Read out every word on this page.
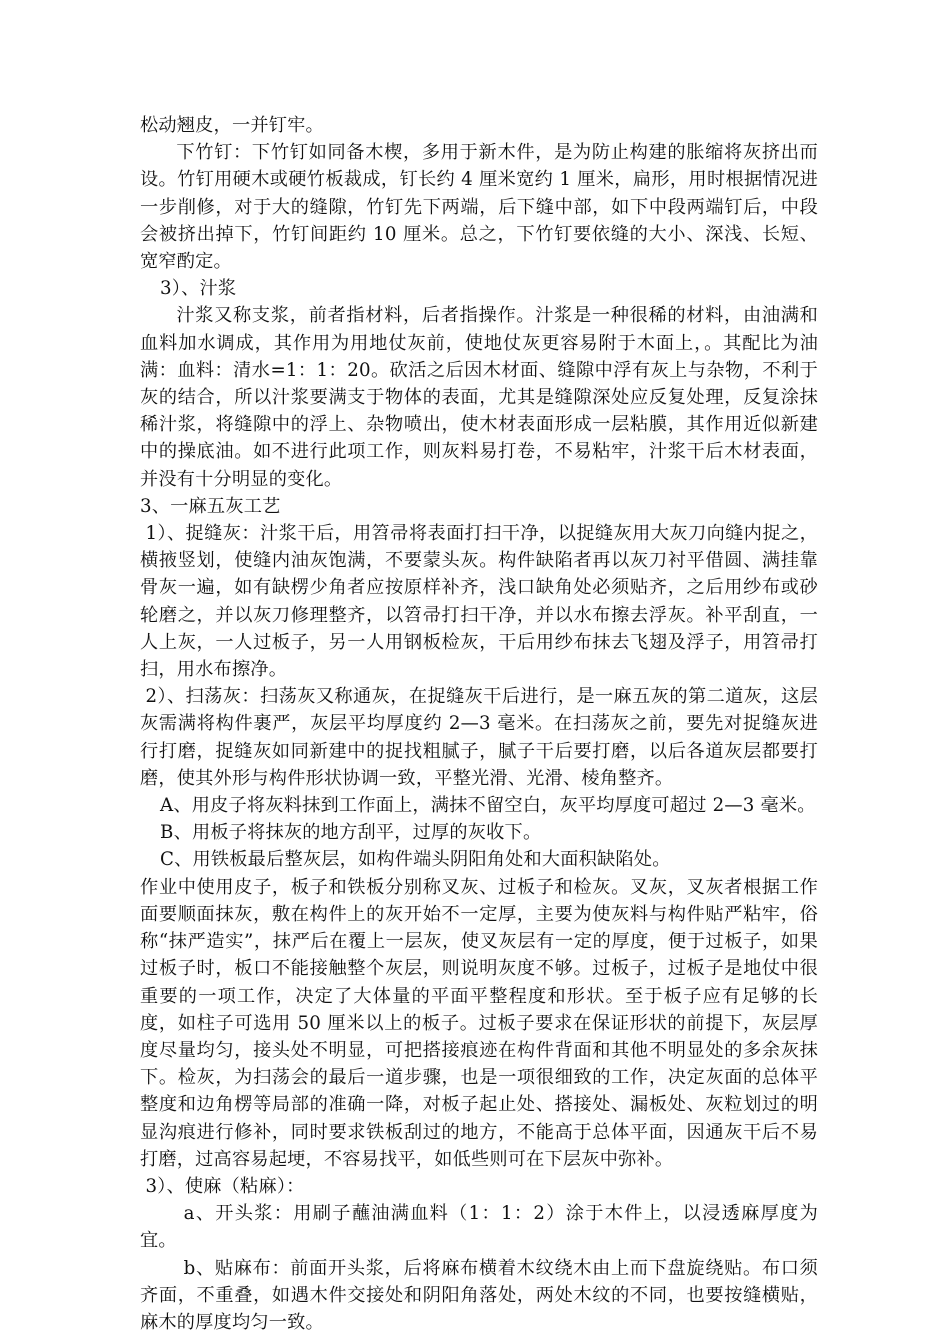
松动翘皮，一并钉牢。

下竹钉：下竹钉如同备木楔，多用于新木件，是为防止构建的胀缩将灰挤出而设。竹钉用硬木或硬竹板裁成，钉长约 4 厘米宽约 1 厘米，扁形，用时根据情况进一步削修，对于大的缝隙，竹钉先下两端，后下缝中部，如下中段两端钉后，中段会被挤出掉下，竹钉间距约 10 厘米。总之，下竹钉要依缝的大小、深浅、长短、宽窄酌定。

3）、汁浆

汁浆又称支浆，前者指材料，后者指操作。汁浆是一种很稀的材料，由油满和血料加水调成，其作用为用地仗灰前，使地仗灰更容易附于木面上，。其配比为油满：血料：清水=1：1：20。砍活之后因木材面、缝隙中浮有灰上与杂物，不利于灰的结合，所以汁浆要满支于物体的表面，尤其是缝隙深处应反复处理，反复涂抹稀汁浆，将缝隙中的浮上、杂物喷出，使木材表面形成一层粘膜，其作用近似新建中的操底油。如不进行此项工作，则灰料易打卷，不易粘牢，汁浆干后木材表面，并没有十分明显的变化。

3、一麻五灰工艺

1）、捉缝灰：汁浆干后，用笤帚将表面打扫干净，以捉缝灰用大灰刀向缝内捉之，横掖竖划，使缝内油灰饱满，不要蒙头灰。构件缺陷者再以灰刀衬平借圆、满挂靠骨灰一遍，如有缺楞少角者应按原样补齐，浅口缺角处必须贴齐，之后用纱布或砂轮磨之，并以灰刀修理整齐，以笤帚打扫干净，并以水布擦去浮灰。补平刮直，一人上灰，一人过板子，另一人用钢板检灰，干后用纱布抹去飞翅及浮子，用笤帚打扫，用水布擦净。

2）、扫荡灰：扫荡灰又称通灰，在捉缝灰干后进行，是一麻五灰的第二道灰，这层灰需满将构件裹严，灰层平均厚度约 2—3 毫米。在扫荡灰之前，要先对捉缝灰进行打磨，捉缝灰如同新建中的捉找粗腻子，腻子干后要打磨，以后各道灰层都要打磨，使其外形与构件形状协调一致，平整光滑、光滑、棱角整齐。

A、用皮子将灰料抹到工作面上，满抹不留空白，灰平均厚度可超过 2—3 毫米。

B、用板子将抹灰的地方刮平，过厚的灰收下。

C、用铁板最后整灰层，如构件端头阴阳角处和大面积缺陷处。

作业中使用皮子，板子和铁板分别称叉灰、过板子和检灰。叉灰，叉灰者根据工作面要顺面抹灰，敷在构件上的灰开始不一定厚，主要为使灰料与构件贴严粘牢，俗称“抹严造实”，抹严后在覆上一层灰，使叉灰层有一定的厚度，便于过板子，如果过板子时，板口不能接触整个灰层，则说明灰度不够。过板子，过板子是地仗中很重要的一项工作，决定了大体量的平面平整程度和形状。至于板子应有足够的长度，如柱子可选用 50 厘米以上的板子。过板子要求在保证形状的前提下，灰层厚度尽量均匀，接头处不明显，可把搭接痕迹在构件背面和其他不明显处的多余灰抹下。检灰，为扫荡会的最后一道步骤，也是一项很细致的工作，决定灰面的总体平整度和边角楞等局部的准确一降，对板子起止处、搭接处、漏板处、灰粒划过的明显沟痕进行修补，同时要求铁板刮过的地方，不能高于总体平面，因通灰干后不易打磨，过高容易起埂，不容易找平，如低些则可在下层灰中弥补。

3）、使麻（粘麻）：

a、开头浆：用刷子蘸油满血料（1：1：2）涂于木件上，以浸透麻厚度为宜。

b、贴麻布：前面开头浆，后将麻布横着木纹绕木由上而下盘旋绕贴。布口须齐面，不重叠，如遇木件交接处和阴阳角落处，两处木纹的不同，也要按缝横贴，麻木的厚度均匀一致。
